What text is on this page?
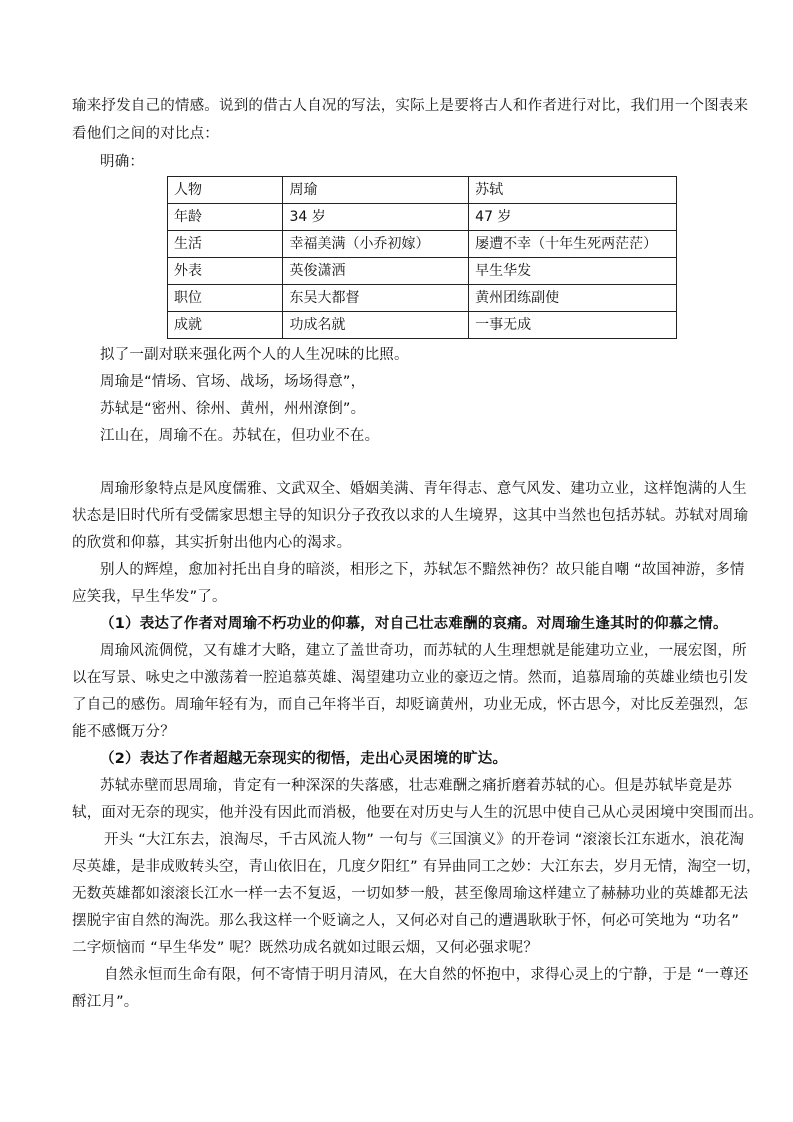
瑜来抒发自己的情感。说到的借古人自况的写法，实际上是要将古人和作者进行对比，我们用一个图表来
看他们之间的对比点：
明确：
人物	周瑜	苏轼
年龄	34 岁	47 岁
生活	幸福美满（小乔初嫁）	屡遭不幸（十年生死两茫茫）
外表	英俊潇洒	早生华发
职位	东吴大都督	黄州团练副使
成就	功成名就	一事无成
拟了一副对联来强化两个人的人生况味的比照。
周瑜是“情场、官场、战场，场场得意”，
苏轼是“密州、徐州、黄州，州州潦倒”。
江山在，周瑜不在。苏轼在，但功业不在。
周瑜形象特点是风度儒雅、文武双全、婚姻美满、青年得志、意气风发、建功立业，这样饱满的人生
状态是旧时代所有受儒家思想主导的知识分子孜孜以求的人生境界，这其中当然也包括苏轼。苏轼对周瑜
的欣赏和仰慕，其实折射出他内心的渴求。
别人的辉煌，愈加衬托出自身的暗淡，相形之下，苏轼怎不黯然神伤？故只能自嘲 “故国神游，多情
应笑我，早生华发”了。
（1）表达了作者对周瑜不朽功业的仰慕，对自己壮志难酬的哀痛。对周瑜生逢其时的仰慕之情。
周瑜风流倜傥，又有雄才大略，建立了盖世奇功，而苏轼的人生理想就是能建功立业，一展宏图，所
以在写景、咏史之中激荡着一腔追慕英雄、渴望建功立业的豪迈之情。然而，追慕周瑜的英雄业绩也引发
了自己的感伤。周瑜年轻有为，而自己年将半百，却贬谪黄州，功业无成，怀古思今，对比反差强烈，怎
能不感慨万分？
（2）表达了作者超越无奈现实的彻悟，走出心灵困境的旷达。
苏轼赤壁而思周瑜，肯定有一种深深的失落感，壮志难酬之痛折磨着苏轼的心。但是苏轼毕竟是苏
轼，面对无奈的现实，他并没有因此而消极，他要在对历史与人生的沉思中使自己从心灵困境中突围而出。
开头 “大江东去，浪淘尽，千古风流人物” 一句与《三国演义》的开卷词 “滚滚长江东逝水，浪花淘
尽英雄，是非成败转头空，青山依旧在，几度夕阳红” 有异曲同工之妙：大江东去，岁月无情，淘空一切，
无数英雄都如滚滚长江水一样一去不复返，一切如梦一般，甚至像周瑜这样建立了赫赫功业的英雄都无法
摆脱宇宙自然的淘洗。那么我这样一个贬谪之人，又何必对自己的遭遇耿耿于怀，何必可笑地为 “功名”
二字烦恼而 “早生华发” 呢？既然功成名就如过眼云烟，又何必强求呢？
自然永恒而生命有限，何不寄情于明月清风，在大自然的怀抱中，求得心灵上的宁静，于是 “一尊还
酹江月”。
